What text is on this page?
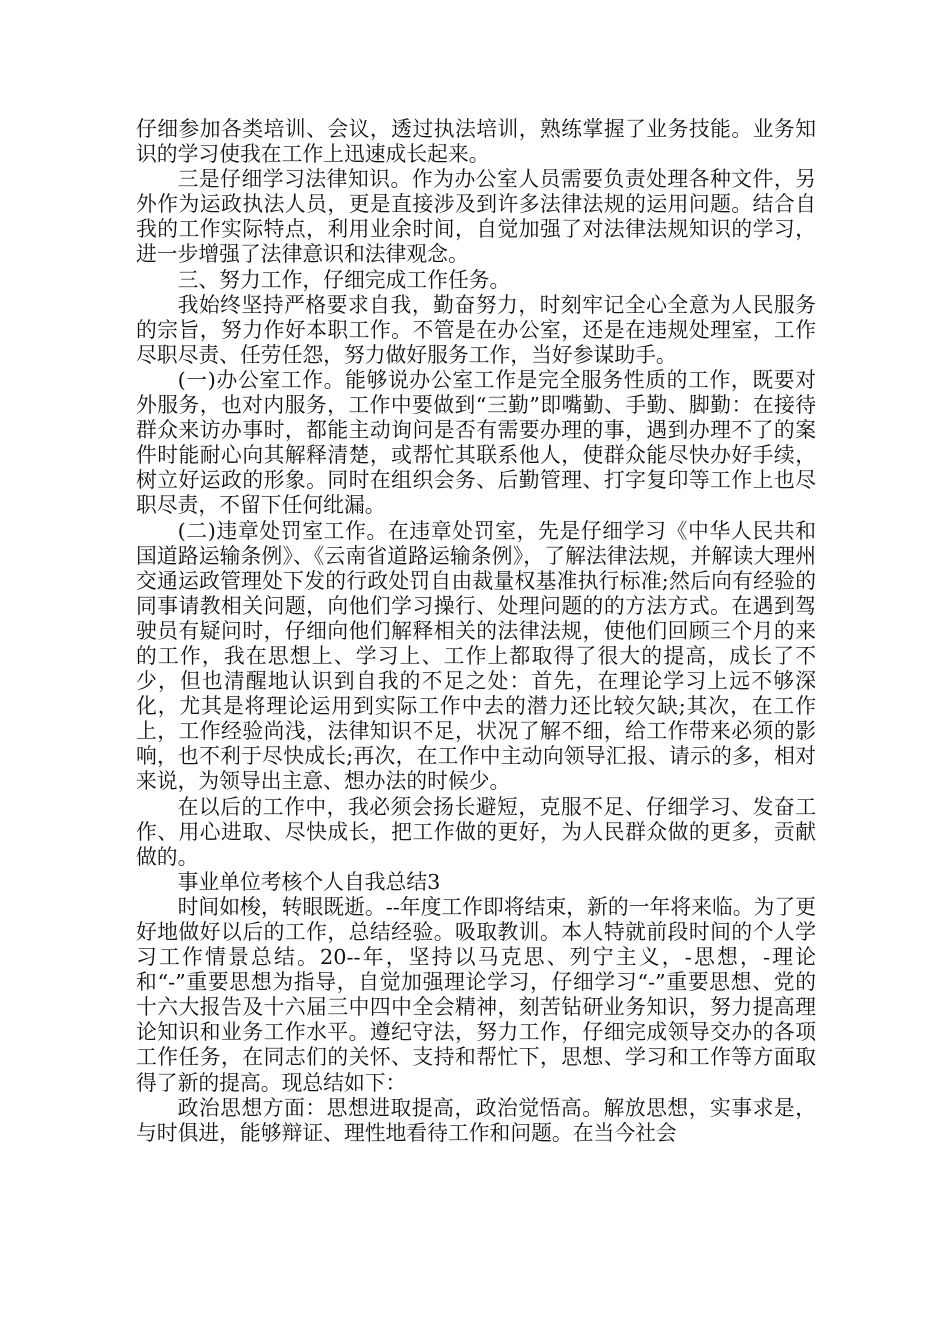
仔细参加各类培训、会议，透过执法培训，熟练掌握了业务技能。业务知识的学习使我在工作上迅速成长起来。

三是仔细学习法律知识。作为办公室人员需要负责处理各种文件，另外作为运政执法人员，更是直接涉及到许多法律法规的运用问题。结合自我的工作实际特点，利用业余时间，自觉加强了对法律法规知识的学习，进一步增强了法律意识和法律观念。

三、努力工作，仔细完成工作任务。

我始终坚持严格要求自我，勤奋努力，时刻牢记全心全意为人民服务的宗旨，努力作好本职工作。不管是在办公室，还是在违规处理室，工作尽职尽责、任劳任怨，努力做好服务工作，当好参谋助手。

(一)办公室工作。能够说办公室工作是完全服务性质的工作，既要对外服务，也对内服务，工作中要做到“三勤”即嘴勤、手勤、脚勤：在接待群众来访办事时，都能主动询问是否有需要办理的事，遇到办理不了的案件时能耐心向其解释清楚，或帮忙其联系他人，使群众能尽快办好手续，树立好运政的形象。同时在组织会务、后勤管理、打字复印等工作上也尽职尽责，不留下任何纰漏。

(二)违章处罚室工作。在违章处罚室，先是仔细学习《中华人民共和国道路运输条例》、《云南省道路运输条例》，了解法律法规，并解读大理州交通运政管理处下发的行政处罚自由裁量权基准执行标准;然后向有经验的同事请教相关问题，向他们学习操行、处理问题的的方法方式。在遇到驾驶员有疑问时，仔细向他们解释相关的法律法规，使他们回顾三个月的来的工作，我在思想上、学习上、工作上都取得了很大的提高，成长了不少，但也清醒地认识到自我的不足之处：首先，在理论学习上远不够深化，尤其是将理论运用到实际工作中去的潜力还比较欠缺;其次，在工作上，工作经验尚浅，法律知识不足，状况了解不细，给工作带来必须的影响，也不利于尽快成长;再次，在工作中主动向领导汇报、请示的多，相对来说，为领导出主意、想办法的时候少。

在以后的工作中，我必须会扬长避短，克服不足、仔细学习、发奋工作、用心进取、尽快成长，把工作做的更好，为人民群众做的更多，贡献做的。

事业单位考核个人自我总结3

时间如梭，转眼既逝。--年度工作即将结束，新的一年将来临。为了更好地做好以后的工作，总结经验。吸取教训。本人特就前段时间的个人学习工作情景总结。20--年，坚持以马克思、列宁主义，-思想，-理论和“-”重要思想为指导，自觉加强理论学习，仔细学习“-”重要思想、党的十六大报告及十六届三中四中全会精神，刻苦钻研业务知识，努力提高理论知识和业务工作水平。遵纪守法，努力工作，仔细完成领导交办的各项工作任务，在同志们的关怀、支持和帮忙下，思想、学习和工作等方面取得了新的提高。现总结如下：

政治思想方面：思想进取提高，政治觉悟高。解放思想，实事求是，与时俱进，能够辩证、理性地看待工作和问题。在当今社会
